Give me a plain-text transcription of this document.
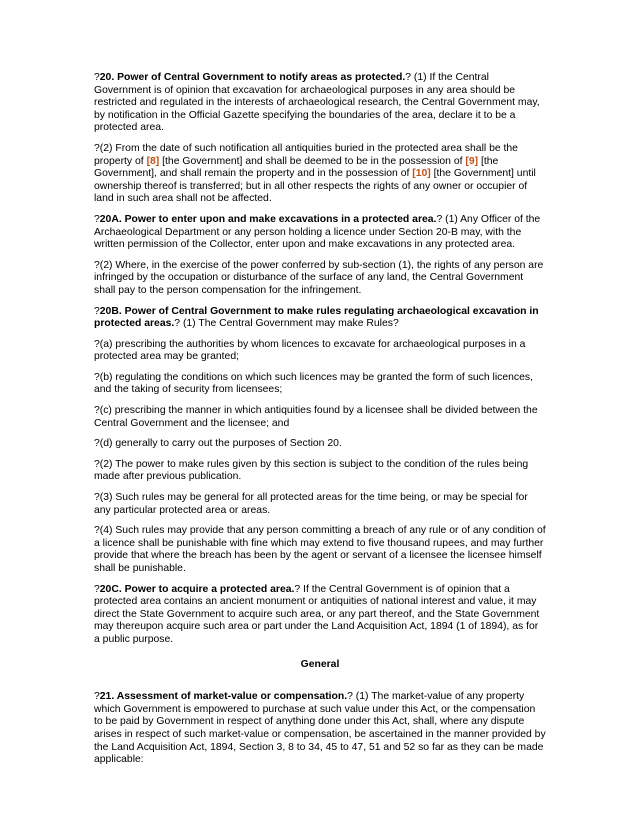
?20. Power of Central Government to notify areas as protected.? (1) If the Central Government is of opinion that excavation for archaeological purposes in any area should be restricted and regulated in the interests of archaeological research, the Central Government may, by notification in the Official Gazette specifying the boundaries of the area, declare it to be a protected area.

?(2) From the date of such notification all antiquities buried in the protected area shall be the property of [8] [the Government] and shall be deemed to be in the possession of [9] [the Government], and shall remain the property and in the possession of [10] [the Government] until ownership thereof is transferred; but in all other respects the rights of any owner or occupier of land in such area shall not be affected.

?20A. Power to enter upon and make excavations in a protected area.? (1) Any Officer of the Archaeological Department or any person holding a licence under Section 20-B may, with the written permission of the Collector, enter upon and make excavations in any protected area.

?(2) Where, in the exercise of the power conferred by sub-section (1), the rights of any person are infringed by the occupation or disturbance of the surface of any land, the Central Government shall pay to the person compensation for the infringement.

?20B. Power of Central Government to make rules regulating archaeological excavation in protected areas.? (1) The Central Government may make Rules?

?(a) prescribing the authorities by whom licences to excavate for archaeological purposes in a protected area may be granted;

?(b) regulating the conditions on which such licences may be granted the form of such licences, and the taking of security from licensees;

?(c) prescribing the manner in which antiquities found by a licensee shall be divided between the Central Government and the licensee; and

?(d) generally to carry out the purposes of Section 20.

?(2) The power to make rules given by this section is subject to the condition of the rules being made after previous publication.

?(3) Such rules may be general for all protected areas for the time being, or may be special for any particular protected area or areas.

?(4) Such rules may provide that any person committing a breach of any rule or of any condition of a licence shall be punishable with fine which may extend to five thousand rupees, and may further provide that where the breach has been by the agent or servant of a licensee the licensee himself shall be punishable.

?20C. Power to acquire a protected area.? If the Central Government is of opinion that a protected area contains an ancient monument or antiquities of national interest and value, it may direct the State Government to acquire such area, or any part thereof, and the State Government may thereupon acquire such area or part under the Land Acquisition Act, 1894 (1 of 1894), as for a public purpose.

General

?21. Assessment of market-value or compensation.? (1) The market-value of any property which Government is empowered to purchase at such value under this Act, or the compensation to be paid by Government in respect of anything done under this Act, shall, where any dispute arises in respect of such market-value or compensation, be ascertained in the manner provided by the Land Acquisition Act, 1894, Section 3, 8 to 34, 45 to 47, 51 and 52 so far as they can be made applicable:
